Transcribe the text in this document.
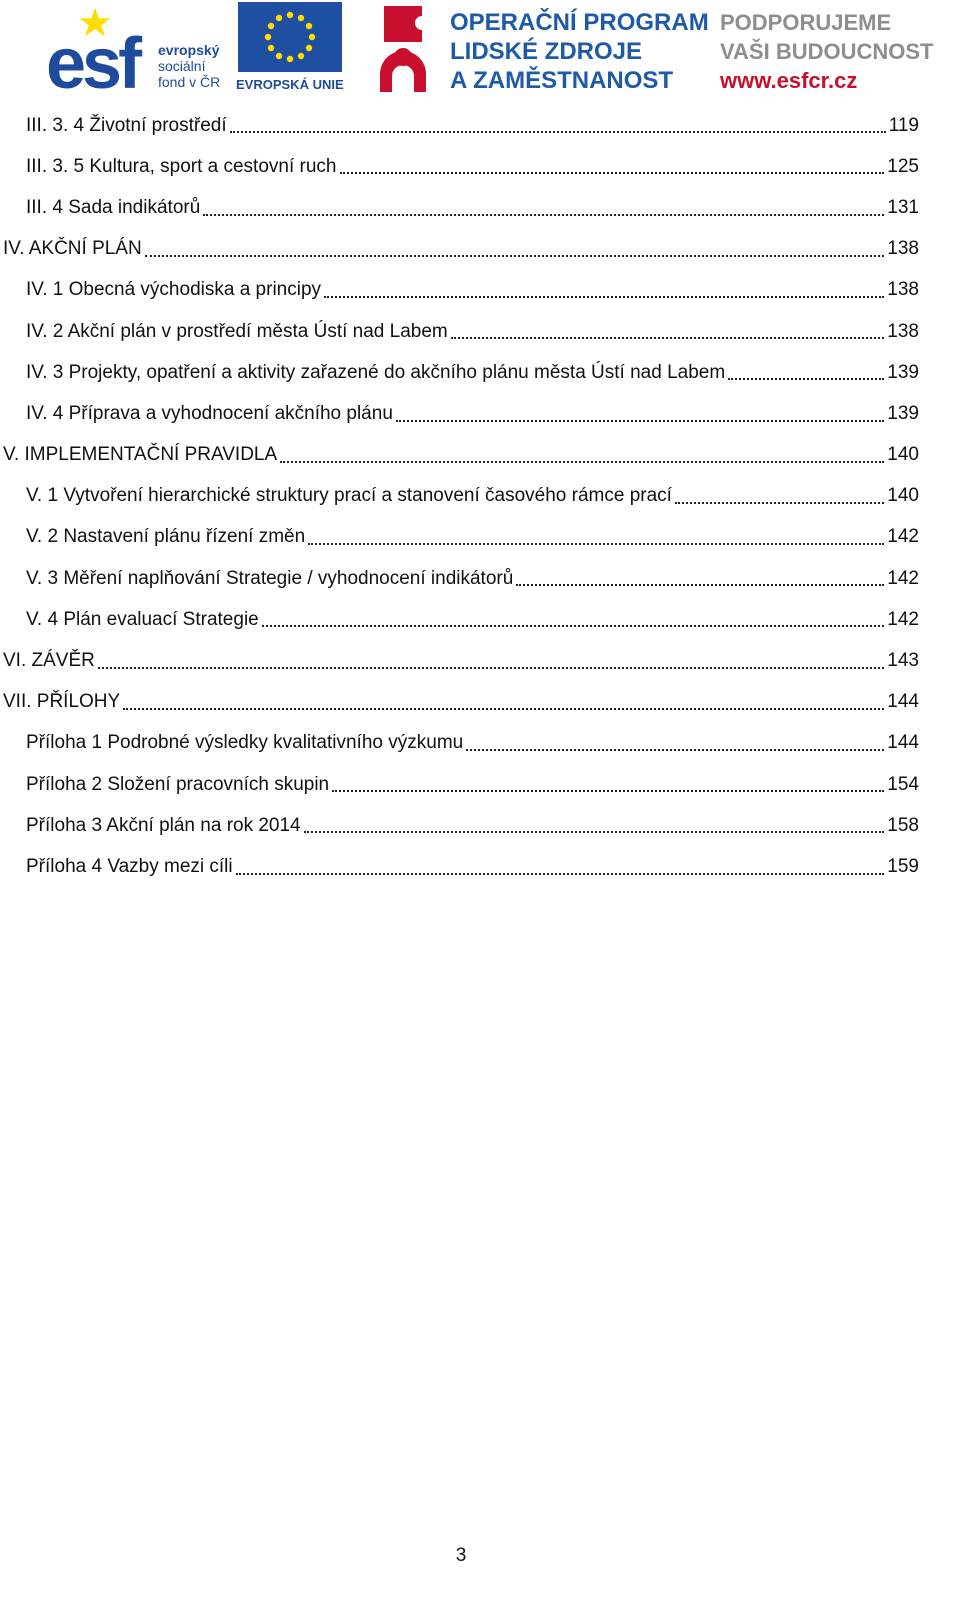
esf	evropský
sociální
fond v ČR EVROPSKÁ UNIE
OPERAČNÍ PROGRAM
LIDSKÉ ZDROJE
A ZAMĚSTNANOST
PODPORUJEME
VAŠI BUDOUCNOST
www.esfcr.cz
III. 3. 4 Životní prostředí	119
III. 3. 5 Kultura, sport a cestovní ruch	125
III. 4 Sada indikátorů	131
IV. AKČNÍ PLÁN	138
IV. 1 Obecná východiska a principy	138
IV. 2 Akční plán v prostředí města Ústí nad Labem	138
IV. 3 Projekty, opatření a aktivity zařazené do akčního plánu města Ústí nad Labem	139
IV. 4 Příprava a vyhodnocení akčního plánu	139
V. IMPLEMENTAČNÍ PRAVIDLA	140
V. 1 Vytvoření hierarchické struktury prací a stanovení časového rámce prací	140
V. 2 Nastavení plánu řízení změn	142
V. 3 Měření naplňování Strategie / vyhodnocení indikátorů	142
V. 4 Plán evaluací Strategie	142
VI. ZÁVĚR	143
VII. PŘÍLOHY	144
Příloha 1 Podrobné výsledky kvalitativního výzkumu	144
Příloha 2 Složení pracovních skupin	154
Příloha 3 Akční plán na rok 2014	158
Příloha 4 Vazby mezi cíli	159
3
